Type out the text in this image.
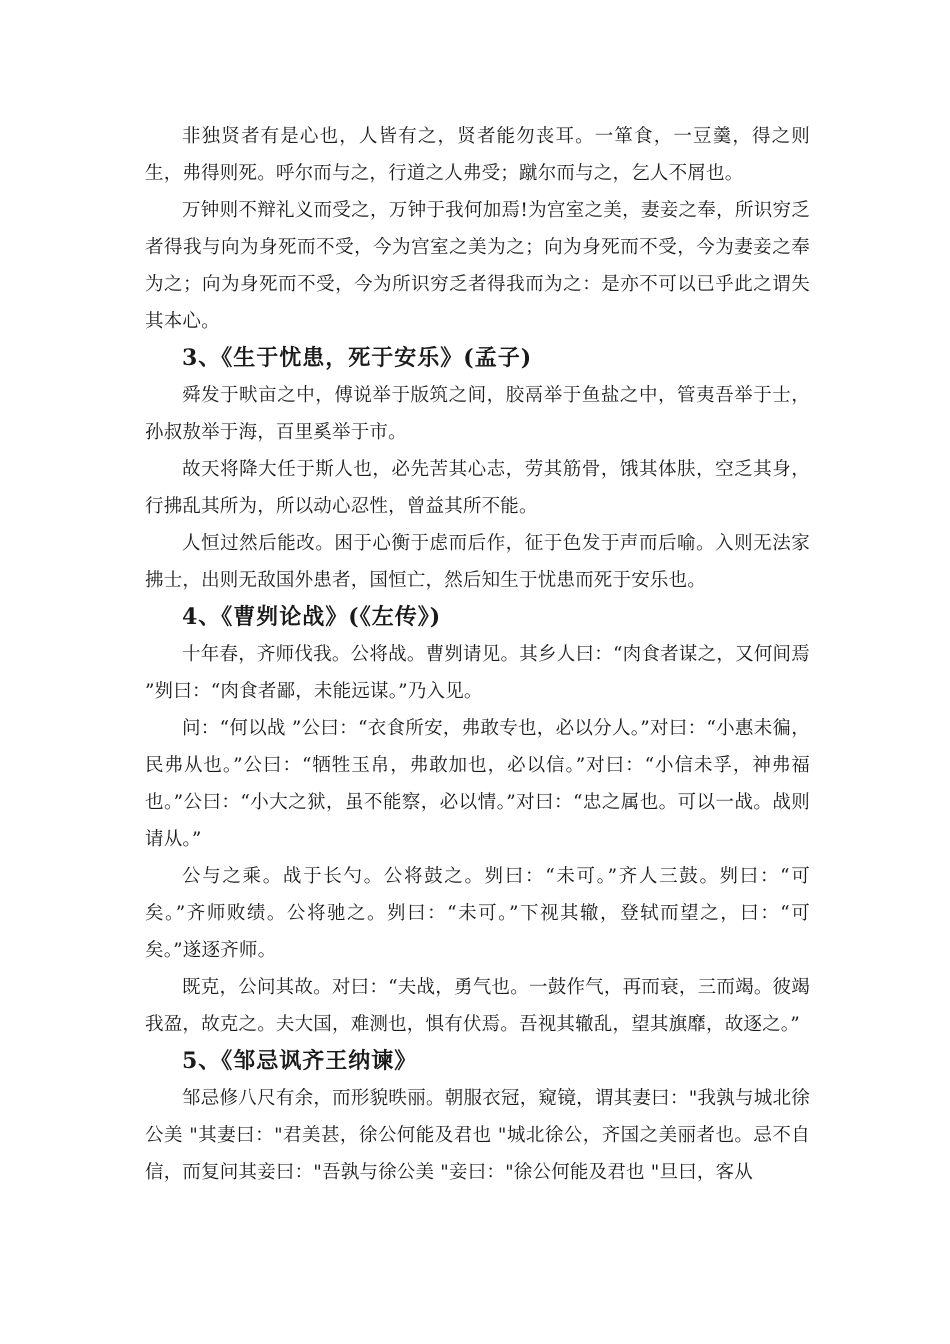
非独贤者有是心也，人皆有之，贤者能勿丧耳。一箪食，一豆羹，得之则生，弗得则死。呼尔而与之，行道之人弗受；蹴尔而与之，乞人不屑也。

万钟则不辩礼义而受之，万钟于我何加焉!为宫室之美，妻妾之奉，所识穷乏者得我与向为身死而不受，今为宫室之美为之；向为身死而不受，今为妻妾之奉为之；向为身死而不受，今为所识穷乏者得我而为之：是亦不可以已乎此之谓失其本心。

3、《生于忧患，死于安乐》(孟子)

舜发于畎亩之中，傅说举于版筑之间，胶鬲举于鱼盐之中，管夷吾举于士，孙叔敖举于海，百里奚举于市。

故天将降大任于斯人也，必先苦其心志，劳其筋骨，饿其体肤，空乏其身，行拂乱其所为，所以动心忍性，曾益其所不能。

人恒过然后能改。困于心衡于虑而后作，征于色发于声而后喻。入则无法家拂士，出则无敌国外患者，国恒亡，然后知生于忧患而死于安乐也。

4、《曹刿论战》(《左传》)

十年春，齐师伐我。公将战。曹刿请见。其乡人曰：“肉食者谋之，又何间焉 ”刿曰：“肉食者鄙，未能远谋。”乃入见。

问：“何以战 ”公曰：“衣食所安，弗敢专也，必以分人。”对曰：“小惠未徧，民弗从也。”公曰：“牺牲玉帛，弗敢加也，必以信。”对曰：“小信未孚，神弗福也。”公曰：“小大之狱，虽不能察，必以情。”对曰：“忠之属也。可以一战。战则请从。”

公与之乘。战于长勺。公将鼓之。刿曰：“未可。”齐人三鼓。刿曰：“可矣。”齐师败绩。公将驰之。刿曰：“未可。”下视其辙，登轼而望之，曰：“可矣。”遂逐齐师。

既克，公问其故。对曰：“夫战，勇气也。一鼓作气，再而衰，三而竭。彼竭我盈，故克之。夫大国，难测也，惧有伏焉。吾视其辙乱，望其旗靡，故逐之。”

5、《邹忌讽齐王纳谏》

邹忌修八尺有余，而形貌昳丽。朝服衣冠，窥镜，谓其妻曰："我孰与城北徐公美 "其妻曰："君美甚，徐公何能及君也 "城北徐公，齐国之美丽者也。忌不自信，而复问其妾曰："吾孰与徐公美 "妾曰："徐公何能及君也 "旦曰，客从
